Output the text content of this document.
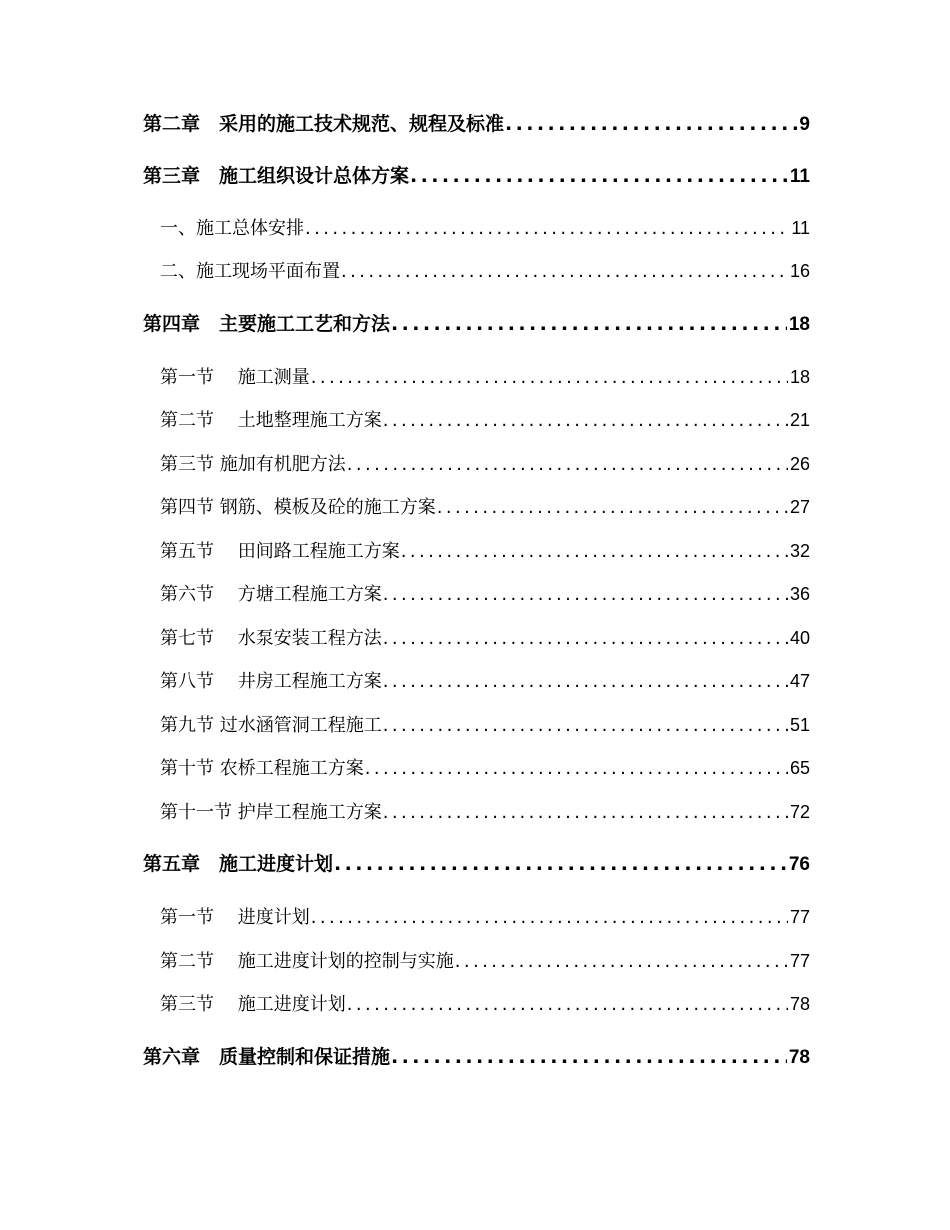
第二章　采用的施工技术规范、规程及标准 .....	9
第三章　施工组织设计总体方案 .....	11
一、施工总体安排 .....	11
二、施工现场平面布置 .....	16
第四章　主要施工工艺和方法 .....	18
第一节　 施工测量 .....	18
第二节　 土地整理施工方案 .....	21
第三节 施加有机肥方法 .....	26
第四节 钢筋、模板及砼的施工方案 .....	27
第五节　 田间路工程施工方案 .....	32
第六节　 方塘工程施工方案 .....	36
第七节　 水泵安装工程方法 .....	40
第八节　 井房工程施工方案 .....	47
第九节 过水涵管洞工程施工 .....	51
第十节 农桥工程施工方案 .....	65
第十一节 护岸工程施工方案 .....	72
第五章　施工进度计划 .....	76
第一节　 进度计划 .....	77
第二节　 施工进度计划的控制与实施 .....	77
第三节　 施工进度计划 .....	78
第六章　质量控制和保证措施 .....	78
